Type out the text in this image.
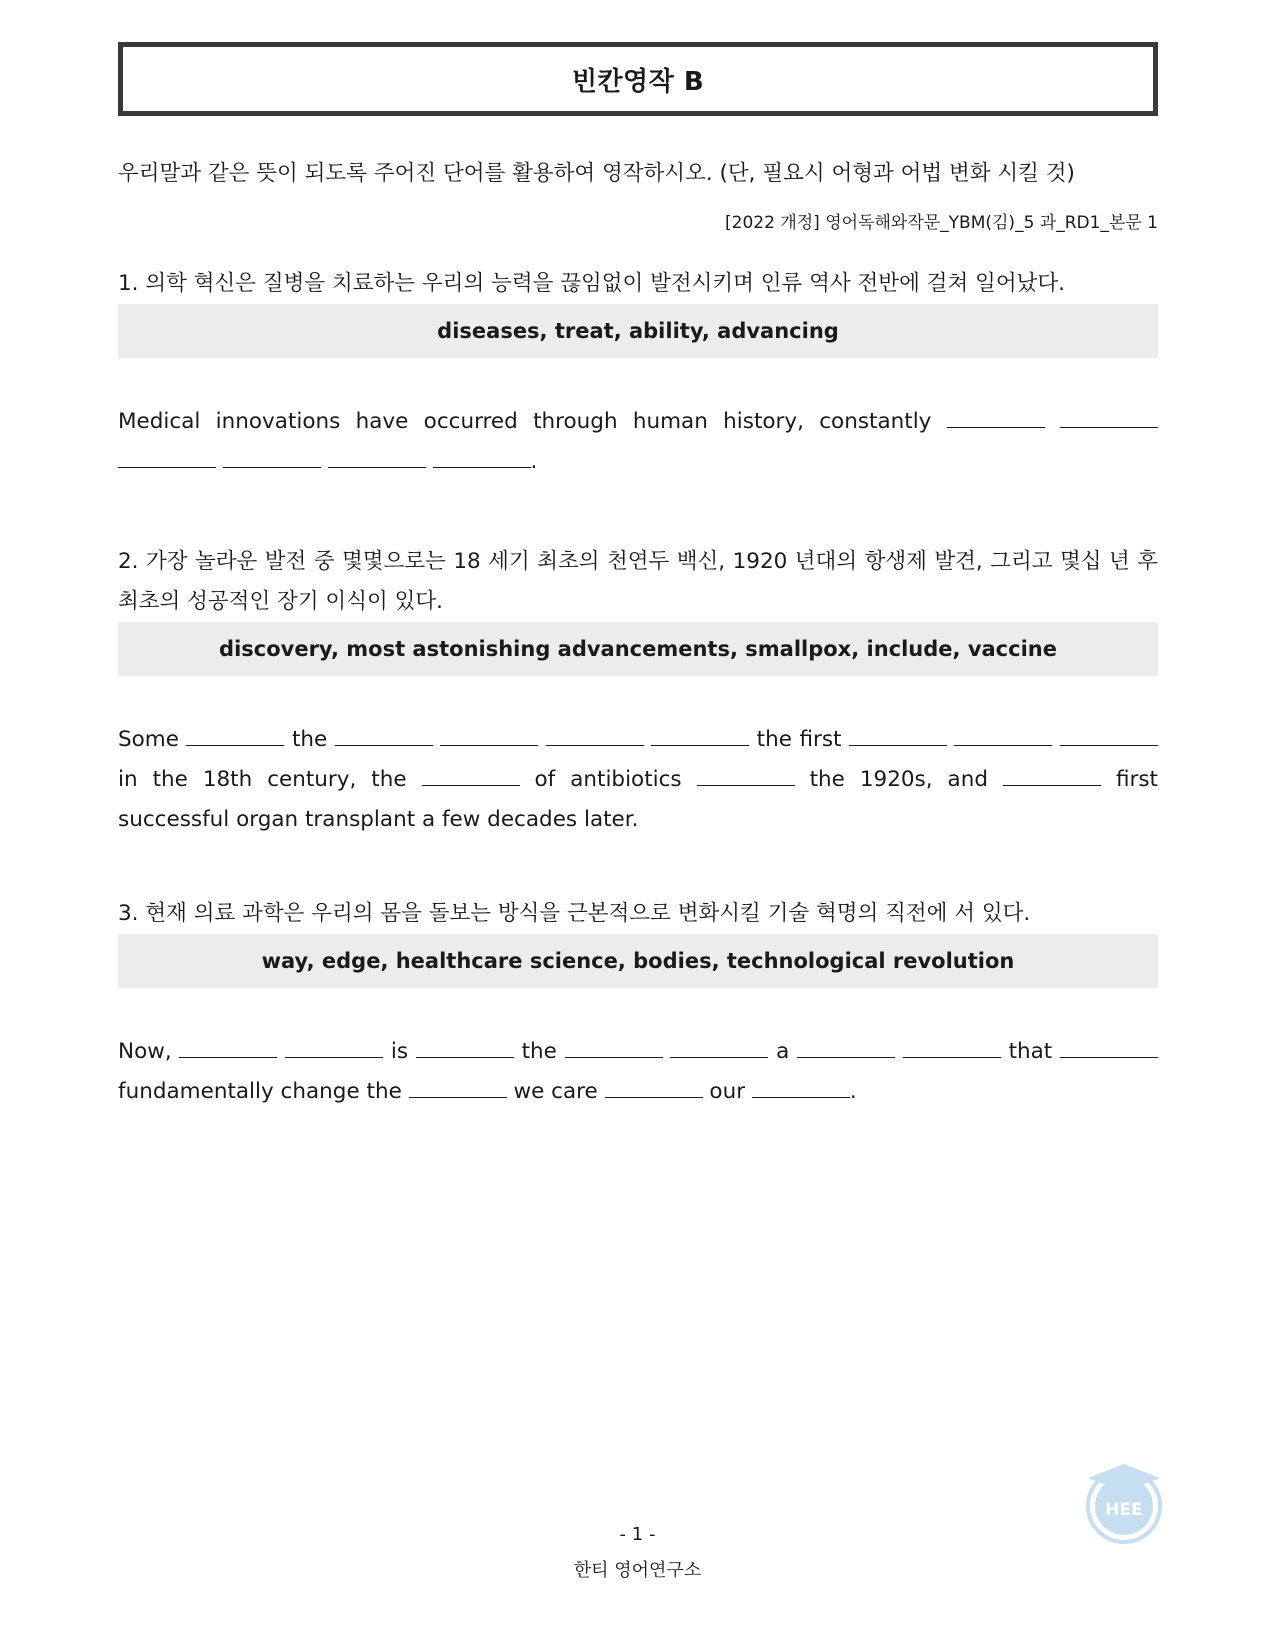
빈칸영작 B
우리말과 같은 뜻이 되도록 주어진 단어를 활용하여 영작하시오. (단, 필요시 어형과 어법 변화 시킬 것)
[2022 개정] 영어독해와작문_YBM(김)_5 과_RD1_본문 1
1. 의학 혁신은 질병을 치료하는 우리의 능력을 끊임없이 발전시키며 인류 역사 전반에 걸쳐 일어났다.
diseases, treat, ability, advancing
Medical innovations have occurred through human history, constantly      .
2. 가장 놀라운 발전 중 몇몇으로는 18 세기 최초의 천연두 백신, 1920 년대의 항생제 발견, 그리고 몇십 년 후 최초의 성공적인 장기 이식이 있다.
discovery, most astonishing advancements, smallpox, include, vaccine
Some	the	the first    in the 18th century, the	of antibiotics	the 1920s, and	first successful organ transplant a few decades later.
3. 현재 의료 과학은 우리의 몸을 돌보는 방식을 근본적으로 변화시킬 기술 혁명의 직전에 서 있다.
way, edge, healthcare science, bodies, technological revolution
Now,	is	the	a	that  fundamentally change the	we care	our	.
HEE
- 1 -
한티 영어연구소
